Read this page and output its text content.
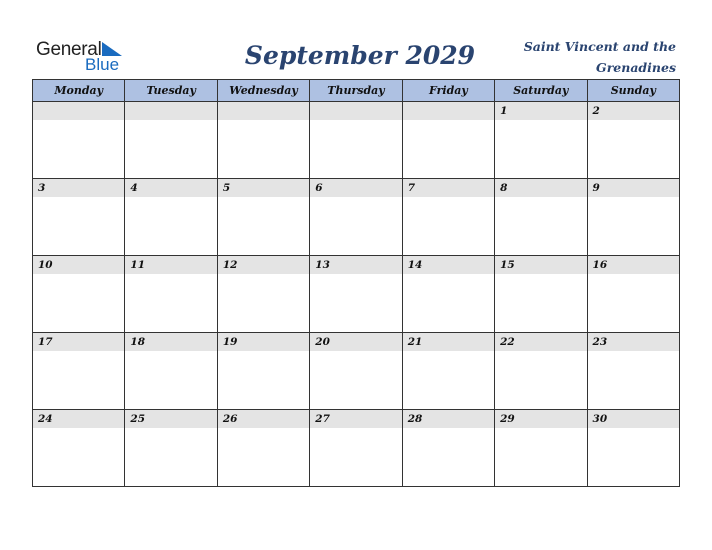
General
Blue	September 2029	Saint Vincent and the Grenadines
Monday	Tuesday	Wednesday	Thursday	Friday	Saturday	Sunday

					1	2

3	4	5	6	7	8	9

10	11	12	13	14	15	16

17	18	19	20	21	22	23

24	25	26	27	28	29	30
